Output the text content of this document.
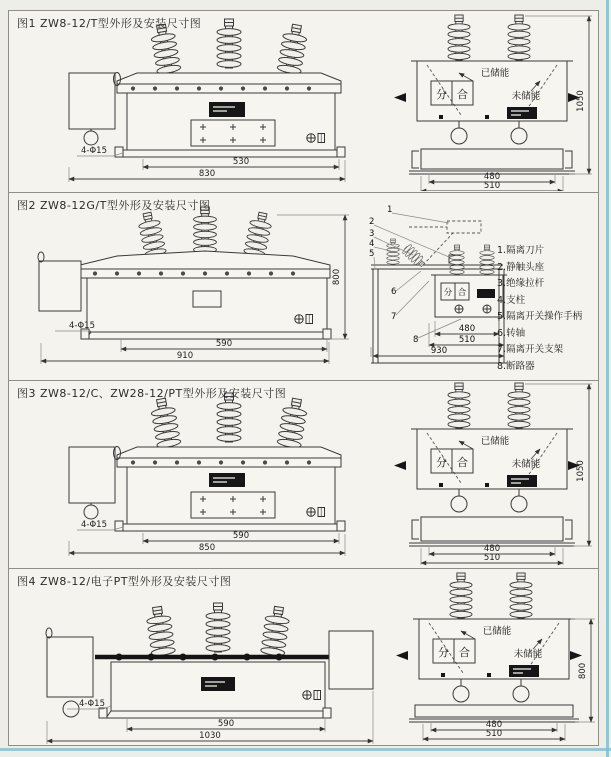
图1 ZW8-12/T型外形及安装尺寸图
530
830
4-Φ15
已储能
分 合	未储能
480
510
1050
图2 ZW8-12G/T型外形及安装尺寸图
1.隔离刀片
2.静触头座
3.绝缘拉杆
4.支柱
5.隔离开关操作手柄
6.转轴
7.隔离开关支架
8.断路器
590
910
4-Φ15
800
分 合
1
2
3
4
5
6
7
8
480
510
930
图3 ZW8-12/C、ZW28-12/PT型外形及安装尺寸图
590
850
4-Φ15
已储能
分 合	未储能
480
510
1050
图4 ZW8-12/电子PT型外形及安装尺寸图
590
1030
4-Φ15
已储能
分 合	未储能
480
510
800
